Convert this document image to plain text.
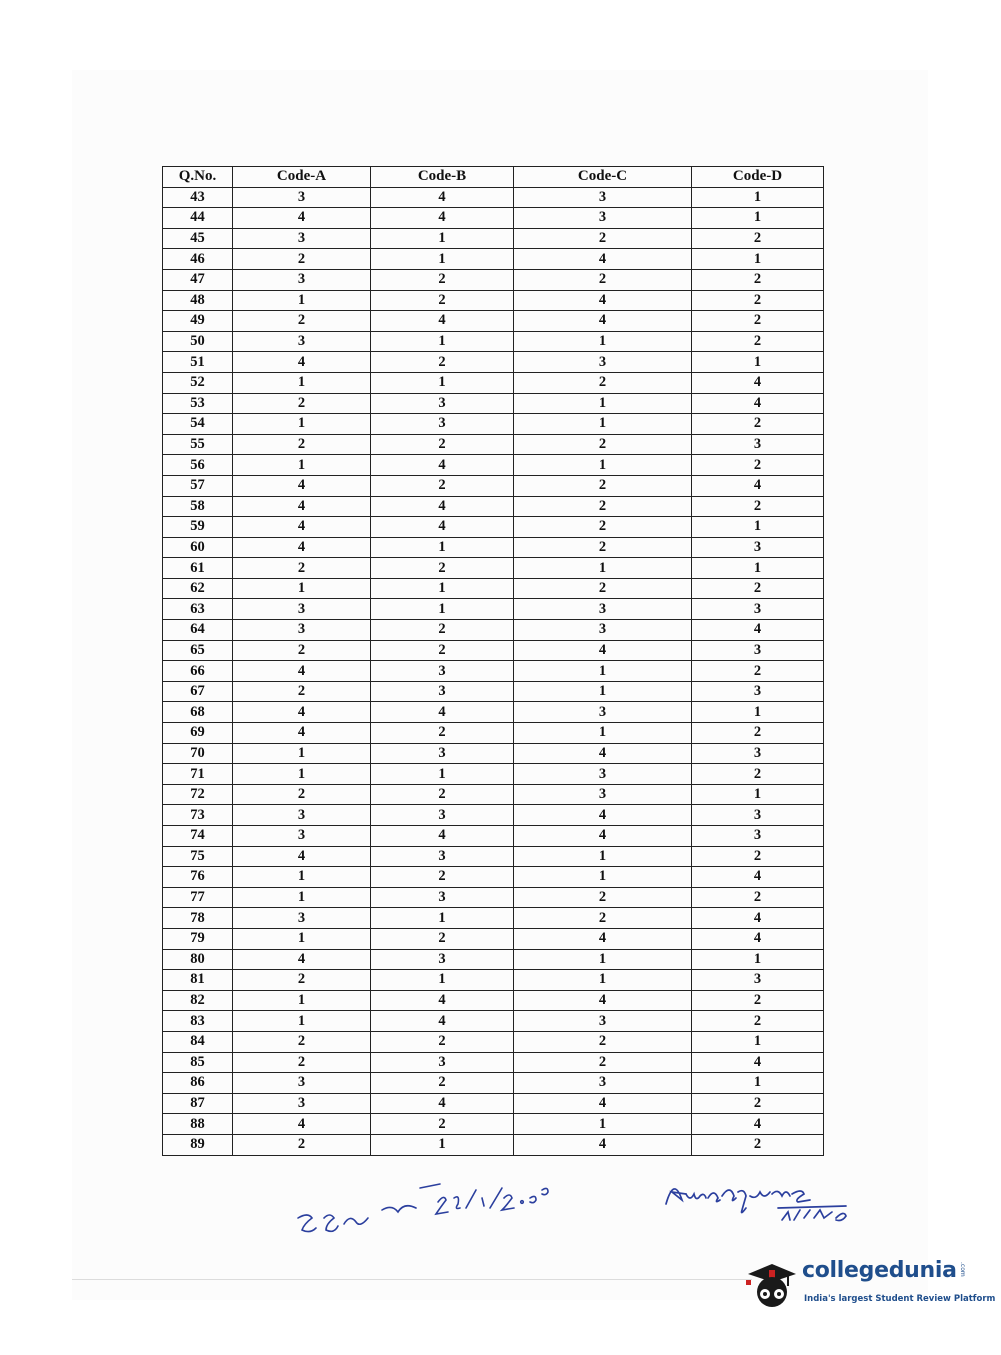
Q.No.	Code-A	Code-B	Code-C	Code-D
43	3	4	3	1
44	4	4	3	1
45	3	1	2	2
46	2	1	4	1
47	3	2	2	2
48	1	2	4	2
49	2	4	4	2
50	3	1	1	2
51	4	2	3	1
52	1	1	2	4
53	2	3	1	4
54	1	3	1	2
55	2	2	2	3
56	1	4	1	2
57	4	2	2	4
58	4	4	2	2
59	4	4	2	1
60	4	1	2	3
61	2	2	1	1
62	1	1	2	2
63	3	1	3	3
64	3	2	3	4
65	2	2	4	3
66	4	3	1	2
67	2	3	1	3
68	4	4	3	1
69	4	2	1	2
70	1	3	4	3
71	1	1	3	2
72	2	2	3	1
73	3	3	4	3
74	3	4	4	3
75	4	3	1	2
76	1	2	1	4
77	1	3	2	2
78	3	1	2	4
79	1	2	4	4
80	4	3	1	1
81	2	1	1	3
82	1	4	4	2
83	1	4	3	2
84	2	2	2	1
85	2	3	2	4
86	3	2	3	1
87	3	4	4	2
88	4	2	1	4
89	2	1	4	2
collegedunia .com
India's largest Student Review Platform
